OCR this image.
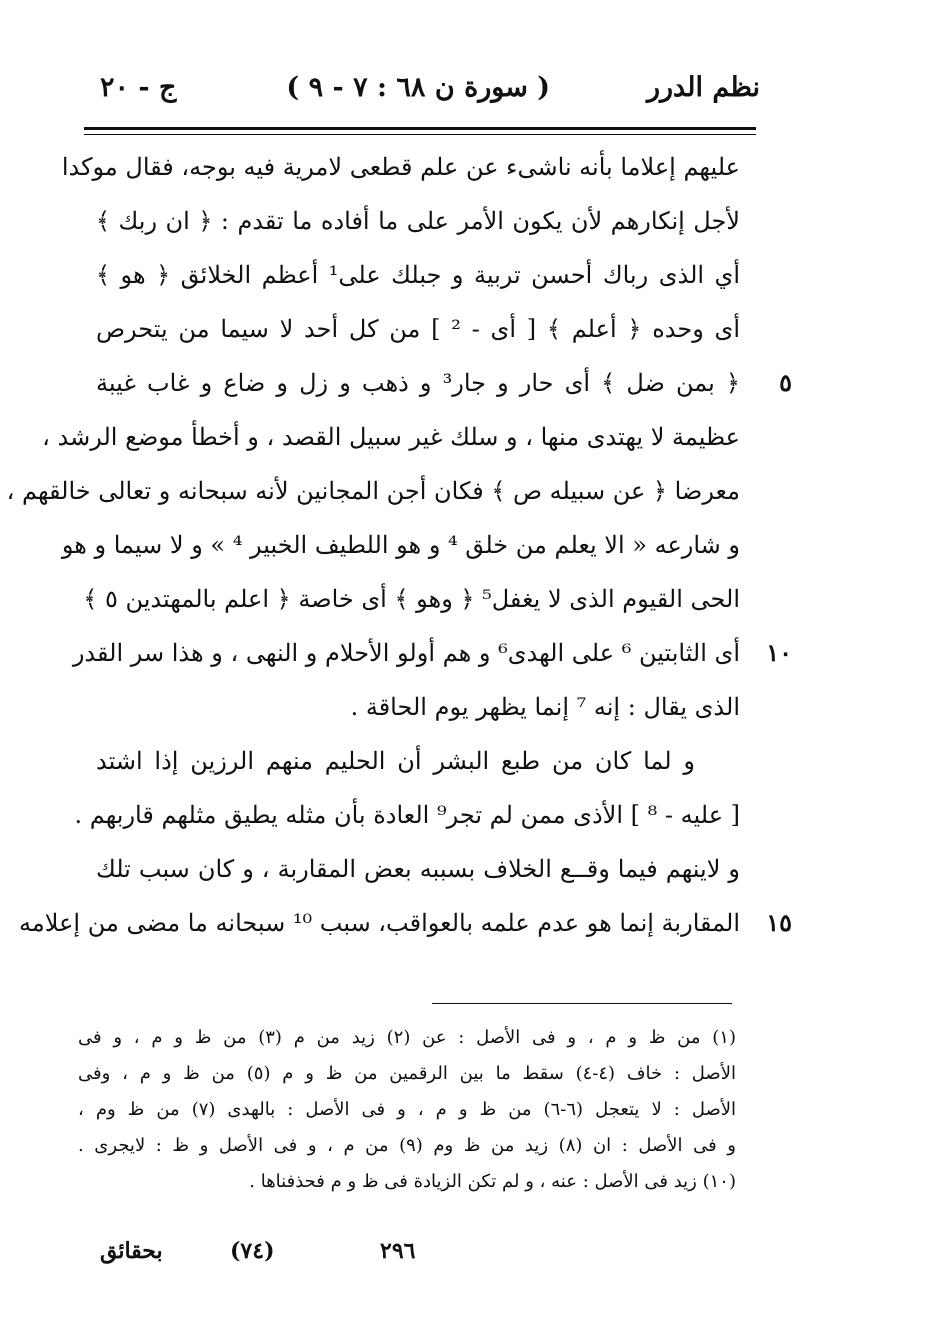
نظم الدرر
( سورة ن ٦٨ : ٧ - ٩ )
ج - ٢٠
عليهم إعلاما بأنه ناشىء عن علم قطعى لامرية فيه بوجه، فقال موكدا
لأجل إنكارهم لأن يكون الأمر على ما أفاده ما تقدم : ﴿ ان ربك ﴾
أي الذى رباك أحسن تربية و جبلك على¹ أعظم الخلائق ﴿ هو ﴾
أى وحده ﴿ أعلم ﴾ [ أى - ² ] من كل أحد لا سيما من يتحرص
﴿ بمن ضل ﴾ أى حار و جار³ و ذهب و زل و ضاع و غاب غيبة ٥
عظيمة لا يهتدى منها ، و سلك غير سبيل القصد ، و أخطأ موضع الرشد ،
معرضا ﴿ عن سبيله ص ﴾ فكان أجن المجانين لأنه سبحانه و تعالى خالقهم ،
و شارعه « الا يعلم من خلق ⁴ و هو اللطيف الخبير ⁴ » و لا سيما و هو
الحى القيوم الذى لا يغفل⁵ ﴿ وهو ﴾ أى خاصة ﴿ اعلم بالمهتدين ٥ ﴾
أى الثابتين ⁶ على الهدى⁶ و هم أولو الأحلام و النهى ، و هذا سر القدر ١٠
الذى يقال : إنه ⁷ إنما يظهر يوم الحاقة .
و لما كان من طبع البشر أن الحليم منهم الرزين إذا اشتد
[ عليه - ⁸ ] الأذى ممن لم تجر⁹ العادة بأن مثله يطيق مثلهم قاربهم .
و لاينهم فيما وقــع الخلاف بسببه بعض المقاربة ، و كان سبب تلك
المقاربة إنما هو عدم علمه بالعواقب، سبب ¹⁰ سبحانه ما مضى من إعلامه ١٥
(١) من ظ و م ، و فى الأصل : عن (٢) زيد من م (٣) من ظ و م ، و فى
الأصل : خاف (٤-٤) سقط ما بين الرقمين من ظ و م (٥) من ظ و م ، وفى
الأصل : لا يتعجل (٦-٦) من ظ و م ، و فى الأصل : بالهدى (٧) من ظ وم ،
و فى الأصل : ان (٨) زيد من ظ وم (٩) من م ، و فى الأصل و ظ : لايجرى .
(١٠) زيد فى الأصل : عنه ، و لم تكن الزيادة فى ظ و م فحذفناها .
٢٩٦
(٧٤)
بحقائق
